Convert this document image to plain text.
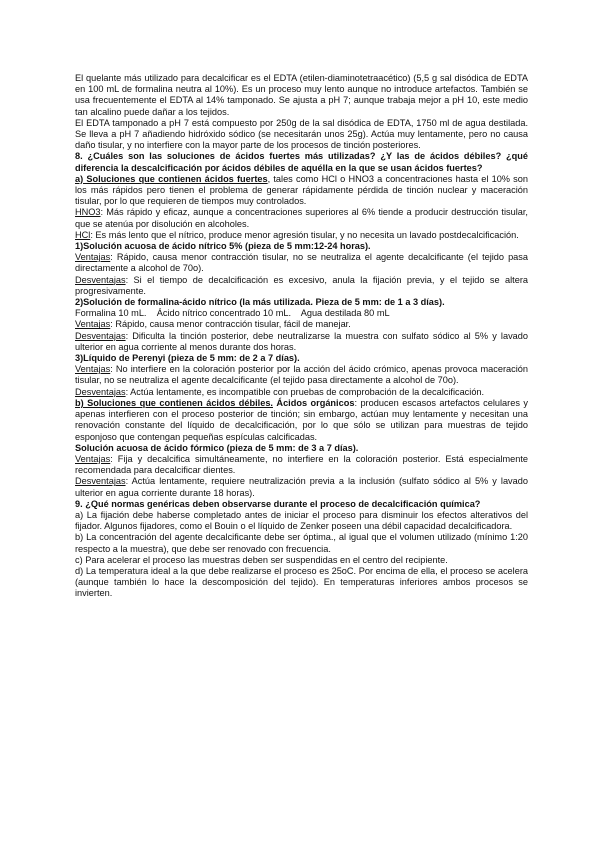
El quelante más utilizado para decalcificar es el EDTA (etilen-diaminotetraacético) (5,5 g sal disódica de EDTA en 100 mL de formalina neutra al 10%). Es un proceso muy lento aunque no introduce artefactos. También se usa frecuentemente el EDTA al 14% tamponado. Se ajusta a pH 7; aunque trabaja mejor a pH 10, este medio tan alcalino puede dañar a los tejidos.

El EDTA tamponado a pH 7 está compuesto por 250g de la sal disódica de EDTA, 1750 ml de agua destilada. Se lleva a pH 7 añadiendo hidróxido sódico (se necesitarán unos 25g). Actúa muy lentamente, pero no causa daño tisular, y no interfiere con la mayor parte de los procesos de tinción posteriores.

8. ¿Cuáles son las soluciones de ácidos fuertes más utilizadas? ¿Y las de ácidos débiles? ¿qué diferencia la descalcificación por ácidos débiles de aquélla en la que se usan ácidos fuertes?

a) Soluciones que contienen ácidos fuertes, tales como HCl o HNO3 a concentraciones hasta el 10% son los más rápidos pero tienen el problema de generar rápidamente pérdida de tinción nuclear y maceración tisular, por lo que requieren de tiempos muy controlados.

HNO3: Más rápido y eficaz, aunque a concentraciones superiores al 6% tiende a producir destrucción tisular, que se atenúa por disolución en alcoholes.

HCl: Es más lento que el nítrico, produce menor agresión tisular, y no necesita un lavado postdecalcificación.

1)Solución acuosa de ácido nítrico 5% (pieza de 5 mm:12-24 horas).

Ventajas: Rápido, causa menor contracción tisular, no se neutraliza el agente decalcificante (el tejido pasa directamente a alcohol de 70o).

Desventajas: Si el tiempo de decalcificación es excesivo, anula la fijación previa, y el tejido se altera progresivamente.

2)Solución de formalina-ácido nítrico (la más utilizada. Pieza de 5 mm: de 1 a 3 días).

Formalina 10 mL.    Ácido nítrico concentrado 10 mL.    Agua destilada 80 mL

Ventajas: Rápido, causa menor contracción tisular, fácil de manejar.

Desventajas: Dificulta la tinción posterior, debe neutralizarse la muestra con sulfato sódico al 5% y lavado ulterior en agua corriente al menos durante dos horas.

3)Líquido de Perenyi (pieza de 5 mm: de 2 a 7 días).

Ventajas: No interfiere en la coloración posterior por la acción del ácido crómico, apenas provoca maceración tisular, no se neutraliza el agente decalcificante (el tejido pasa directamente a alcohol de 70o).

Desventajas: Actúa lentamente, es incompatible con pruebas de comprobación de la decalcificación.

b) Soluciones que contienen ácidos débiles. Ácidos orgánicos: producen escasos artefactos celulares y apenas interfieren con el proceso posterior de tinción; sin embargo, actúan muy lentamente y necesitan una renovación constante del líquido de decalcificación, por lo que sólo se utilizan para muestras de tejido esponjoso que contengan pequeñas espículas calcificadas.

Solución acuosa de ácido fórmico (pieza de 5 mm: de 3 a 7 días).

Ventajas: Fija y decalcifica simultáneamente, no interfiere en la coloración posterior. Está especialmente recomendada para decalcificar dientes.

Desventajas: Actúa lentamente, requiere neutralización previa a la inclusión (sulfato sódico al 5% y lavado ulterior en agua corriente durante 18 horas).

9. ¿Qué normas genéricas deben observarse durante el proceso de decalcificación química?

a) La fijación debe haberse completado antes de iniciar el proceso para disminuir los efectos alterativos del fijador. Algunos fijadores, como el Bouin o el líquido de Zenker poseen una débil capacidad decalcificadora.

b) La concentración del agente decalcificante debe ser óptima., al igual que el volumen utilizado (mínimo 1:20 respecto a la muestra), que debe ser renovado con frecuencia.

c) Para acelerar el proceso las muestras deben ser suspendidas en el centro del recipiente.

d) La temperatura ideal a la que debe realizarse el proceso es 25oC. Por encima de ella, el proceso se acelera (aunque también lo hace la descomposición del tejido). En temperaturas inferiores ambos procesos se invierten.
